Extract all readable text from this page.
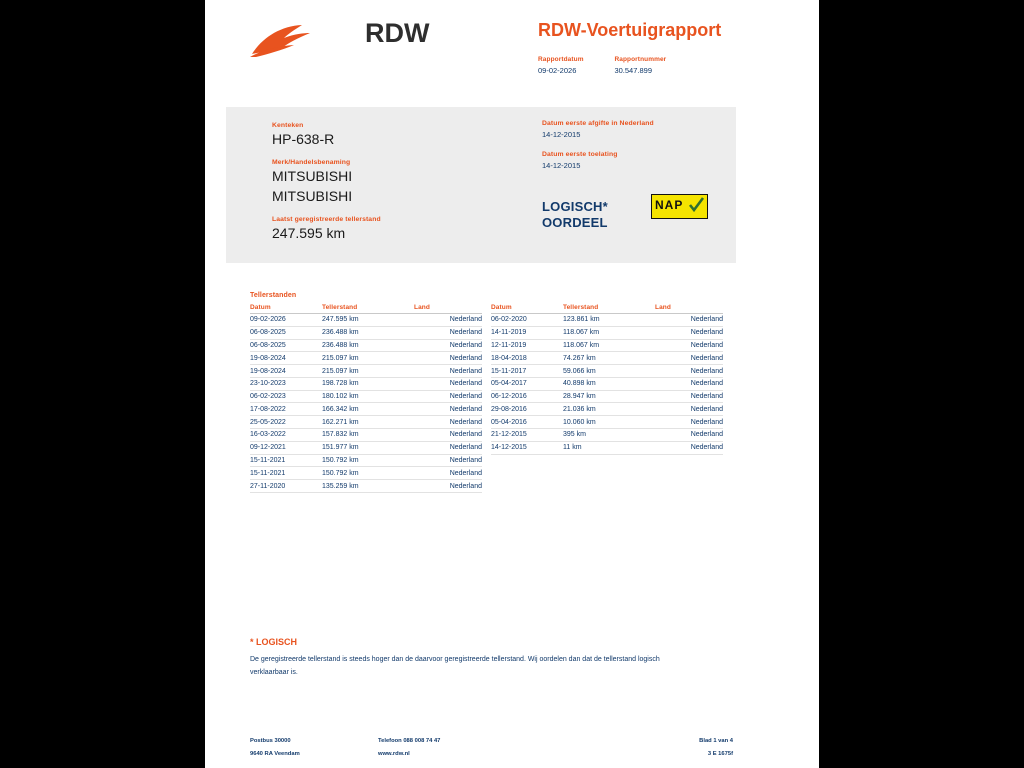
RDW	RDW-Voertuigrapport
Rapportdatum
09-02-2026

Rapportnummer
30.547.899
Kenteken
HP-638-R
Merk/Handelsbenaming
MITSUBISHI
MITSUBISHI
Laatst geregistreerde tellerstand
247.595 km
Datum eerste afgifte in Nederland
14-12-2015
Datum eerste toelating
14-12-2015
LOGISCH*
OORDEEL
NAP
Tellerstanden
Datum	Tellerstand	Land
09-02-2026	247.595 km	Nederland
06-08-2025	236.488 km	Nederland
06-08-2025	236.488 km	Nederland
19-08-2024	215.097 km	Nederland
19-08-2024	215.097 km	Nederland
23-10-2023	198.728 km	Nederland
06-02-2023	180.102 km	Nederland
17-08-2022	166.342 km	Nederland
25-05-2022	162.271 km	Nederland
16-03-2022	157.832 km	Nederland
09-12-2021	151.977 km	Nederland
15-11-2021	150.792 km	Nederland
15-11-2021	150.792 km	Nederland
27-11-2020	135.259 km	Nederland
Datum	Tellerstand	Land
06-02-2020	123.861 km	Nederland
14-11-2019	118.067 km	Nederland
12-11-2019	118.067 km	Nederland
18-04-2018	74.267 km	Nederland
15-11-2017	59.066 km	Nederland
05-04-2017	40.898 km	Nederland
06-12-2016	28.947 km	Nederland
29-08-2016	21.036 km	Nederland
05-04-2016	10.060 km	Nederland
21-12-2015	395 km	Nederland
14-12-2015	11 km	Nederland
* LOGISCH
De geregistreerde tellerstand is steeds hoger dan de daarvoor geregistreerde tellerstand. Wij oordelen dan dat de tellerstand logisch verklaarbaar is.
Postbus 30000
9640 RA Veendam
Telefoon 088 008 74 47
www.rdw.nl
Blad 1 van 4
3 E 1675f
